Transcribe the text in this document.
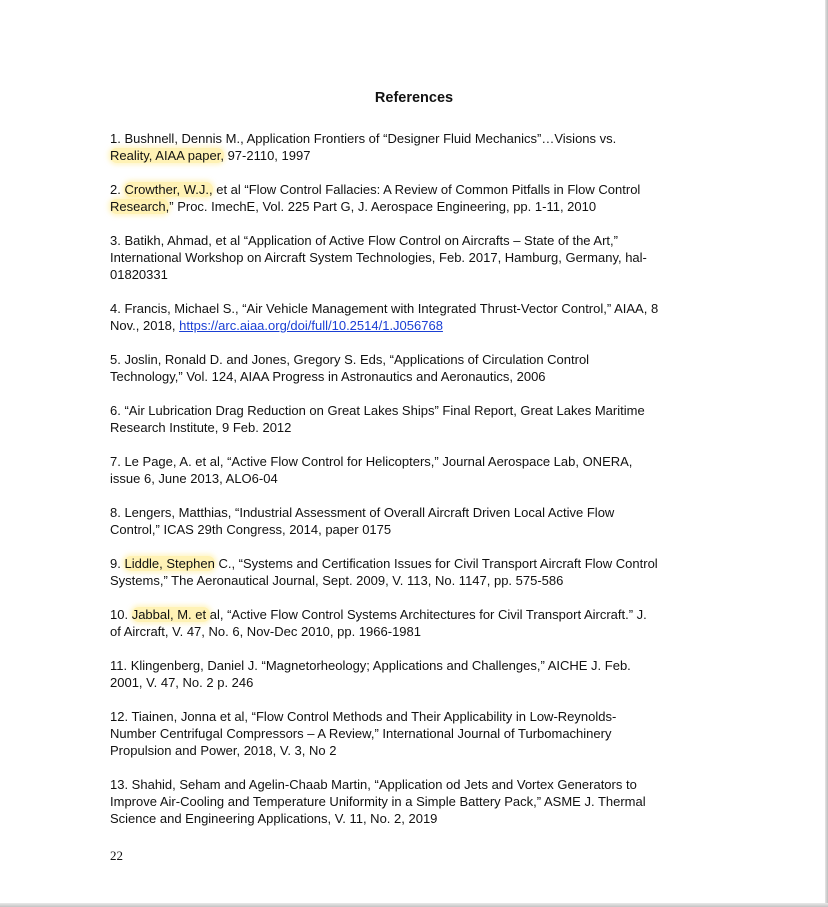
References

1. Bushnell, Dennis M., Application Frontiers of “Designer Fluid Mechanics”…Visions vs.
Reality, AIAA paper, 97-2110, 1997

2. Crowther, W.J., et al “Flow Control Fallacies: A Review of Common Pitfalls in Flow Control
Research,” Proc. ImechE, Vol. 225 Part G, J. Aerospace Engineering, pp. 1-11, 2010

3. Batikh, Ahmad, et al “Application of Active Flow Control on Aircrafts – State of the Art,”
International Workshop on Aircraft System Technologies, Feb. 2017, Hamburg, Germany, hal-
01820331

4. Francis, Michael S., “Air Vehicle Management with Integrated Thrust-Vector Control,” AIAA, 8
Nov., 2018, https://arc.aiaa.org/doi/full/10.2514/1.J056768

5. Joslin, Ronald D. and Jones, Gregory S. Eds, “Applications of Circulation Control
Technology,” Vol. 124, AIAA Progress in Astronautics and Aeronautics, 2006

6. “Air Lubrication Drag Reduction on Great Lakes Ships” Final Report, Great Lakes Maritime
Research Institute, 9 Feb. 2012

7. Le Page, A. et al, “Active Flow Control for Helicopters,” Journal Aerospace Lab, ONERA,
issue 6, June 2013, ALO6-04

8. Lengers, Matthias, “Industrial Assessment of Overall Aircraft Driven Local Active Flow
Control,” ICAS 29th Congress, 2014, paper 0175

9. Liddle, Stephen C., “Systems and Certification Issues for Civil Transport Aircraft Flow Control
Systems,” The Aeronautical Journal, Sept. 2009, V. 113, No. 1147, pp. 575-586

10. Jabbal, M. et al, “Active Flow Control Systems Architectures for Civil Transport Aircraft.” J.
of Aircraft, V. 47, No. 6, Nov-Dec 2010, pp. 1966-1981

11. Klingenberg, Daniel J. “Magnetorheology; Applications and Challenges,” AICHE J. Feb.
2001, V. 47, No. 2 p. 246

12. Tiainen, Jonna et al, “Flow Control Methods and Their Applicability in Low-Reynolds-
Number Centrifugal Compressors – A Review,” International Journal of Turbomachinery
Propulsion and Power, 2018, V. 3, No 2

13. Shahid, Seham and Agelin-Chaab Martin, “Application od Jets and Vortex Generators to
Improve Air-Cooling and Temperature Uniformity in a Simple Battery Pack,” ASME J. Thermal
Science and Engineering Applications, V. 11, No. 2, 2019

22
